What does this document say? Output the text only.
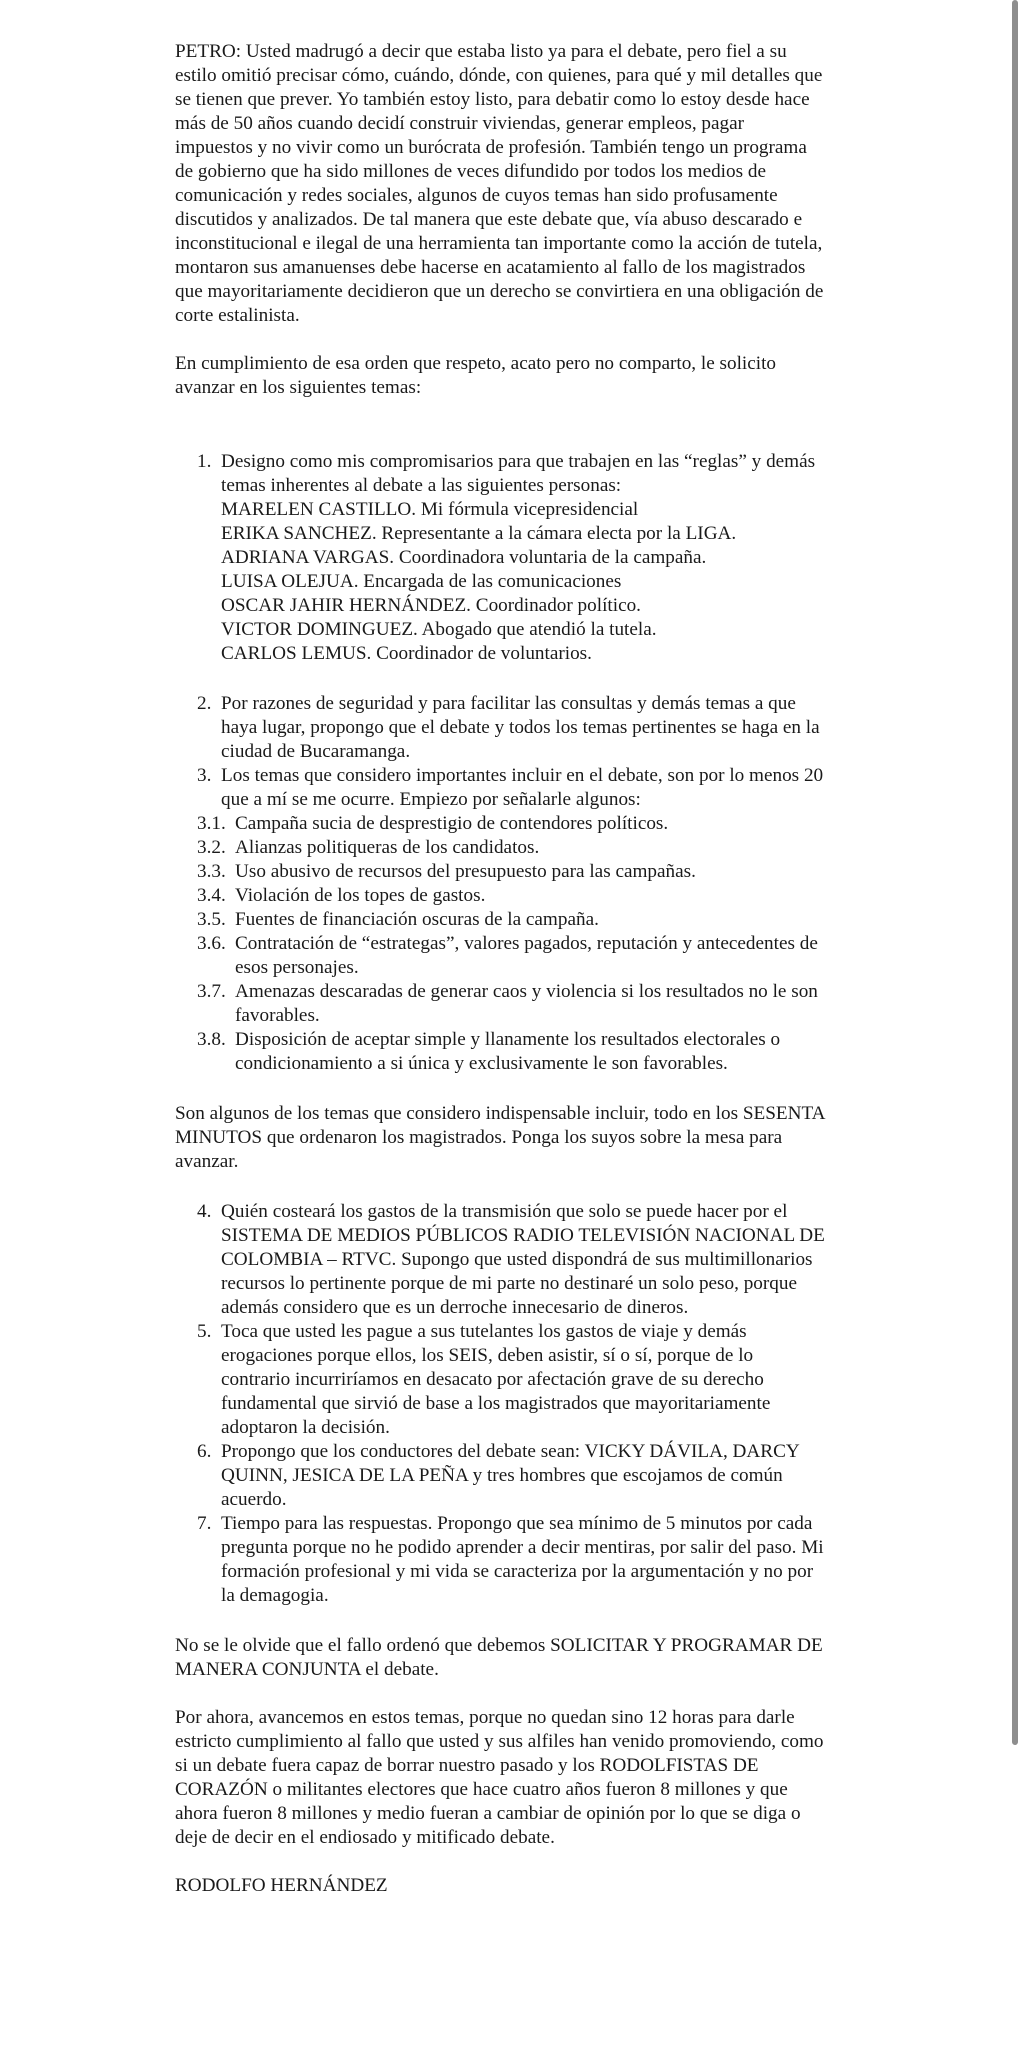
PETRO: Usted madrugó a decir que estaba listo ya para el debate, pero fiel a su estilo omitió precisar cómo, cuándo, dónde, con quienes, para qué y mil detalles que se tienen que prever. Yo también estoy listo, para debatir como lo estoy desde hace más de 50 años cuando decidí construir viviendas, generar empleos, pagar impuestos y no vivir como un burócrata de profesión. También tengo un programa de gobierno que ha sido millones de veces difundido por todos los medios de comunicación y redes sociales, algunos de cuyos temas han sido profusamente discutidos y analizados. De tal manera que este debate que, vía abuso descarado e inconstitucional e ilegal de una herramienta tan importante como la acción de tutela, montaron sus amanuenses debe hacerse en acatamiento al fallo de los magistrados que mayoritariamente decidieron que un derecho se convirtiera en una obligación de corte estalinista.

En cumplimiento de esa orden que respeto, acato pero no comparto, le solicito avanzar en los siguientes temas:

1. Designo como mis compromisarios para que trabajen en las “reglas” y demás temas inherentes al debate a las siguientes personas:

MARELEN CASTILLO. Mi fórmula vicepresidencial

ERIKA SANCHEZ. Representante a la cámara electa por la LIGA.

ADRIANA VARGAS. Coordinadora voluntaria de la campaña.

LUISA OLEJUA. Encargada de las comunicaciones

OSCAR JAHIR HERNÁNDEZ. Coordinador político.

VICTOR DOMINGUEZ. Abogado que atendió la tutela.

CARLOS LEMUS. Coordinador de voluntarios.

2. Por razones de seguridad y para facilitar las consultas y demás temas a que haya lugar, propongo que el debate y todos los temas pertinentes se haga en la ciudad de Bucaramanga.

3. Los temas que considero importantes incluir en el debate, son por lo menos 20 que a mí se me ocurre. Empiezo por señalarle algunos:

3.1. Campaña sucia de desprestigio de contendores políticos.

3.2. Alianzas politiqueras de los candidatos.

3.3. Uso abusivo de recursos del presupuesto para las campañas.

3.4. Violación de los topes de gastos.

3.5. Fuentes de financiación oscuras de la campaña.

3.6. Contratación de “estrategas”, valores pagados, reputación y antecedentes de esos personajes.

3.7. Amenazas descaradas de generar caos y violencia si los resultados no le son favorables.

3.8. Disposición de aceptar simple y llanamente los resultados electorales o condicionamiento a si única y exclusivamente le son favorables.

Son algunos de los temas que considero indispensable incluir, todo en los SESENTA MINUTOS que ordenaron los magistrados. Ponga los suyos sobre la mesa para avanzar.

4. Quién costeará los gastos de la transmisión que solo se puede hacer por el SISTEMA DE MEDIOS PÚBLICOS RADIO TELEVISIÓN NACIONAL DE COLOMBIA – RTVC. Supongo que usted dispondrá de sus multimillonarios recursos lo pertinente porque de mi parte no destinaré un solo peso, porque además considero que es un derroche innecesario de dineros.

5. Toca que usted les pague a sus tutelantes los gastos de viaje y demás erogaciones porque ellos, los SEIS, deben asistir, sí o sí, porque de lo contrario incurriríamos en desacato por afectación grave de su derecho fundamental que sirvió de base a los magistrados que mayoritariamente adoptaron la decisión.

6. Propongo que los conductores del debate sean: VICKY DÁVILA, DARCY QUINN, JESICA DE LA PEÑA y tres hombres que escojamos de común acuerdo.

7. Tiempo para las respuestas. Propongo que sea mínimo de 5 minutos por cada pregunta porque no he podido aprender a decir mentiras, por salir del paso. Mi formación profesional y mi vida se caracteriza por la argumentación y no por la demagogia.

No se le olvide que el fallo ordenó que debemos SOLICITAR Y PROGRAMAR DE MANERA CONJUNTA el debate.

Por ahora, avancemos en estos temas, porque no quedan sino 12 horas para darle estricto cumplimiento al fallo que usted y sus alfiles han venido promoviendo, como si un debate fuera capaz de borrar nuestro pasado y los RODOLFISTAS DE CORAZÓN o militantes electores que hace cuatro años fueron 8 millones y que ahora fueron 8 millones y medio fueran a cambiar de opinión por lo que se diga o deje de decir en el endiosado y mitificado debate.

RODOLFO HERNÁNDEZ
